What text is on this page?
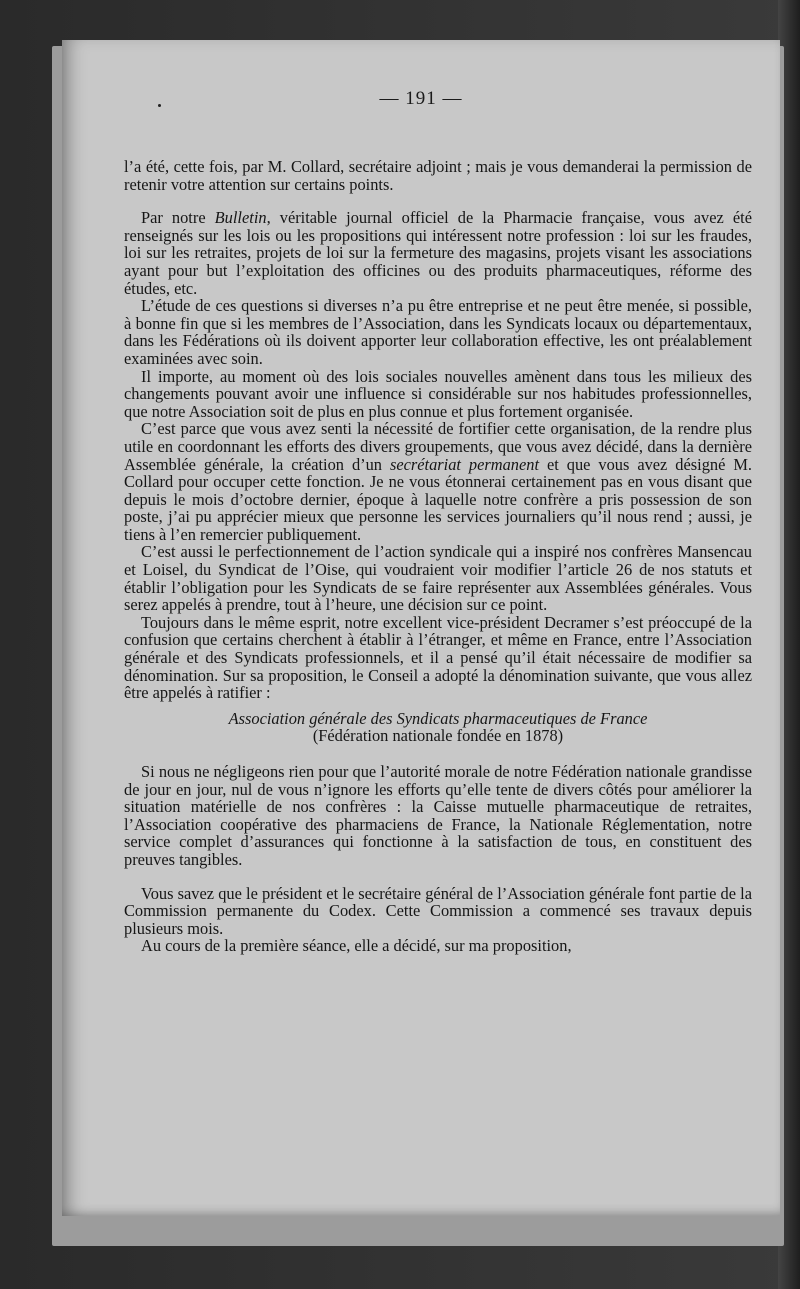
— 191 —

l’a été, cette fois, par M. Collard, secrétaire adjoint ; mais je vous demanderai la permission de retenir votre attention sur certains points.

Par notre Bulletin, véritable journal officiel de la Pharmacie française, vous avez été renseignés sur les lois ou les propositions qui intéressent notre profession : loi sur les fraudes, loi sur les retraites, projets de loi sur la fermeture des magasins, projets visant les associations ayant pour but l’exploitation des officines ou des produits pharmaceutiques, réforme des études, etc.

L’étude de ces questions si diverses n’a pu être entreprise et ne peut être menée, si possible, à bonne fin que si les membres de l’Association, dans les Syndicats locaux ou départementaux, dans les Fédérations où ils doivent apporter leur collaboration effective, les ont préalablement examinées avec soin.

Il importe, au moment où des lois sociales nouvelles amènent dans tous les milieux des changements pouvant avoir une influence si considérable sur nos habitudes professionnelles, que notre Association soit de plus en plus connue et plus fortement organisée.

C’est parce que vous avez senti la nécessité de fortifier cette organisation, de la rendre plus utile en coordonnant les efforts des divers groupements, que vous avez décidé, dans la dernière Assemblée générale, la création d’un secrétariat permanent et que vous avez désigné M. Collard pour occuper cette fonction. Je ne vous étonnerai certainement pas en vous disant que depuis le mois d’octobre dernier, époque à laquelle notre confrère a pris possession de son poste, j’ai pu apprécier mieux que personne les services journaliers qu’il nous rend ; aussi, je tiens à l’en remercier publiquement.

C’est aussi le perfectionnement de l’action syndicale qui a inspiré nos confrères Mansencau et Loisel, du Syndicat de l’Oise, qui voudraient voir modifier l’article 26 de nos statuts et établir l’obligation pour les Syndicats de se faire représenter aux Assemblées générales. Vous serez appelés à prendre, tout à l’heure, une décision sur ce point.

Toujours dans le même esprit, notre excellent vice-président Decramer s’est préoccupé de la confusion que certains cherchent à établir à l’étranger, et même en France, entre l’Association générale et des Syndicats professionnels, et il a pensé qu’il était nécessaire de modifier sa dénomination. Sur sa proposition, le Conseil a adopté la dénomination suivante, que vous allez être appelés à ratifier :

Association générale des Syndicats pharmaceutiques de France

(Fédération nationale fondée en 1878)

Si nous ne négligeons rien pour que l’autorité morale de notre Fédération nationale grandisse de jour en jour, nul de vous n’ignore les efforts qu’elle tente de divers côtés pour améliorer la situation matérielle de nos confrères : la Caisse mutuelle pharmaceutique de retraites, l’Association coopérative des pharmaciens de France, la Nationale Réglementation, notre service complet d’assurances qui fonctionne à la satisfaction de tous, en constituent des preuves tangibles.

Vous savez que le président et le secrétaire général de l’Association générale font partie de la Commission permanente du Codex. Cette Commission a commencé ses travaux depuis plusieurs mois.

Au cours de la première séance, elle a décidé, sur ma proposition,
